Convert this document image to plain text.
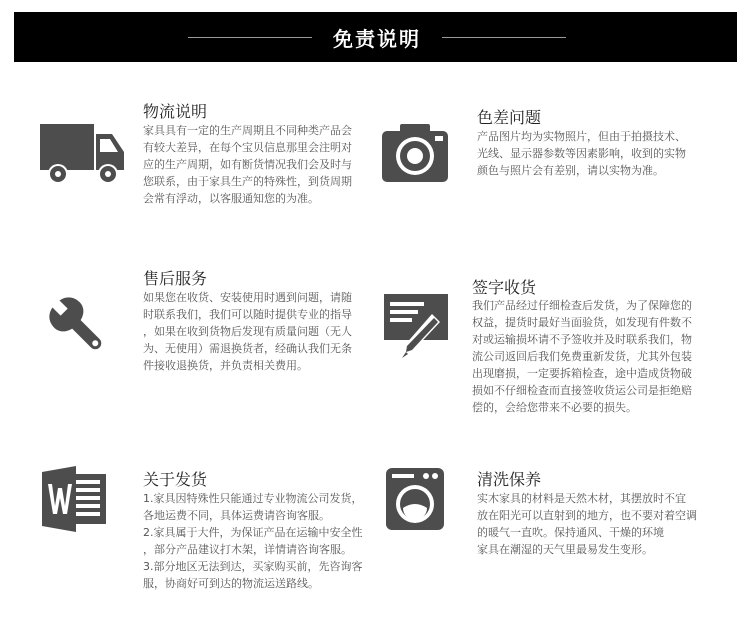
免责说明
物流说明
家具具有一定的生产周期且不同种类产品会
有较大差异，在每个宝贝信息那里会注明对
应的生产周期，如有断货情况我们会及时与
您联系，由于家具生产的特殊性，到货周期
会常有浮动，以客服通知您的为准。
色差问题
产品图片均为实物照片，但由于拍摄技术、
光线、显示器参数等因素影响，收到的实物
颜色与照片会有差别，请以实物为准。
售后服务
如果您在收货、安装使用时遇到问题，请随
时联系我们，我们可以随时提供专业的指导
，如果在收到货物后发现有质量问题（无人
为、无使用）需退换货者，经确认我们无条
件接收退换货，并负责相关费用。
签字收货
我们产品经过仔细检查后发货，为了保障您的
权益，提货时最好当面验货，如发现有件数不
对或运输损坏请不予签收并及时联系我们，物
流公司返回后我们免费重新发货，尤其外包装
出现磨损，一定要拆箱检查，途中造成货物破
损如不仔细检查而直接签收货运公司是拒绝赔
偿的，会给您带来不必要的损失。
关于发货
1.家具因特殊性只能通过专业物流公司发货，
各地运费不同，具体运费请咨询客服。
2.家具属于大件，为保证产品在运输中安全性
，部分产品建议打木架，详情请咨询客服。
3.部分地区无法到达，买家购买前，先咨询客
服，协商好可到达的物流运送路线。
清洗保养
实木家具的材料是天然木材，其摆放时不宜
放在阳光可以直射到的地方，也不要对着空调
的暖气一直吹。保持通风、干燥的环境
家具在潮湿的天气里最易发生变形。
